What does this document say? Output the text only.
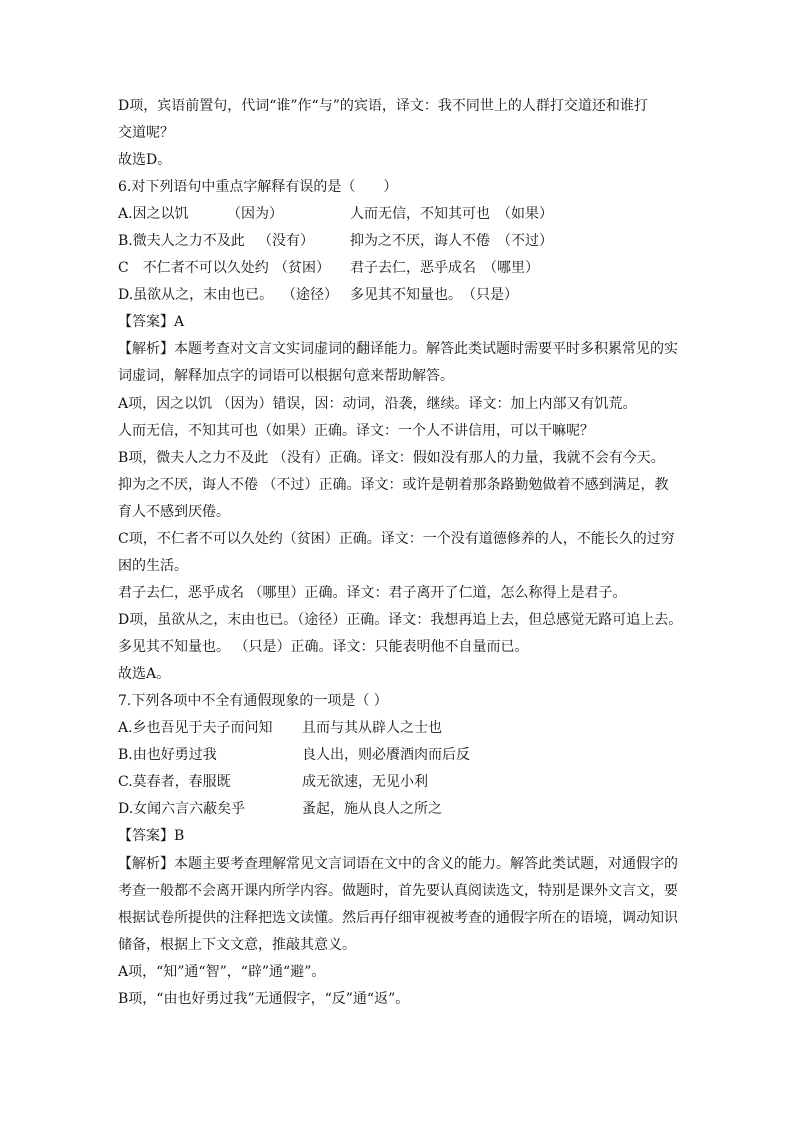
D项，宾语前置句，代词“谁”作“与”的宾语，译文：我不同世上的人群打交道还和谁打
交道呢？
故选D。
6.对下列语句中重点字解释有误的是（　　）
A.因之以饥	（因为）	人而无信，不知其可也　（如果）
B.微夫人之力不及此 （没有）	抑为之不厌，诲人不倦　（不过）
C　不仁者不可以久处约 （贫困） 君子去仁，恶乎成名　（哪里）
D.虽欲从之，末由也已。 （途径） 多见其不知量也。　（只是）
【答案】A
【解析】本题考查对文言文实词虚词的翻译能力。解答此类试题时需要平时多积累常见的实
词虚词，解释加点字的词语可以根据句意来帮助解答。
A项，因之以饥 （因为）错误，因：动词，沿袭，继续。译文：加上内部又有饥荒。
人而无信，不知其可也（如果）正确。译文：一个人不讲信用，可以干嘛呢？
B项，微夫人之力不及此 （没有）正确。译文：假如没有那人的力量，我就不会有今天。
抑为之不厌，诲人不倦 （不过）正确。译文：或许是朝着那条路勤勉做着不感到满足，教
育人不感到厌倦。
C项，不仁者不可以久处约（贫困）正确。译文：一个没有道德修养的人，不能长久的过穷
困的生活。
君子去仁，恶乎成名 （哪里）正确。译文：君子离开了仁道，怎么称得上是君子。
D项，虽欲从之，末由也已。（途径）正确。译文：我想再追上去，但总感觉无路可追上去。
多见其不知量也。 （只是）正确。译文：只能表明他不自量而已。
故选A。
7.下列各项中不全有通假现象的一项是（ ）
A.乡也吾见于夫子而问知 且而与其从辟人之士也
B.由也好勇过我	良人出，则必餍酒肉而后反
C.莫春者，春服既	成无欲速，无见小利
D.女闻六言六蔽矣乎	蚤起，施从良人之所之
【答案】B
【解析】本题主要考查理解常见文言词语在文中的含义的能力。解答此类试题，对通假字的
考查一般都不会离开课内所学内容。做题时，首先要认真阅读选文，特别是课外文言文，要
根据试卷所提供的注释把选文读懂。然后再仔细审视被考查的通假字所在的语境，调动知识
储备，根据上下文文意，推敲其意义。
A项，“知”通“智”，“辟”通“避”。
B项，“由也好勇过我”无通假字，“反”通“返”。
